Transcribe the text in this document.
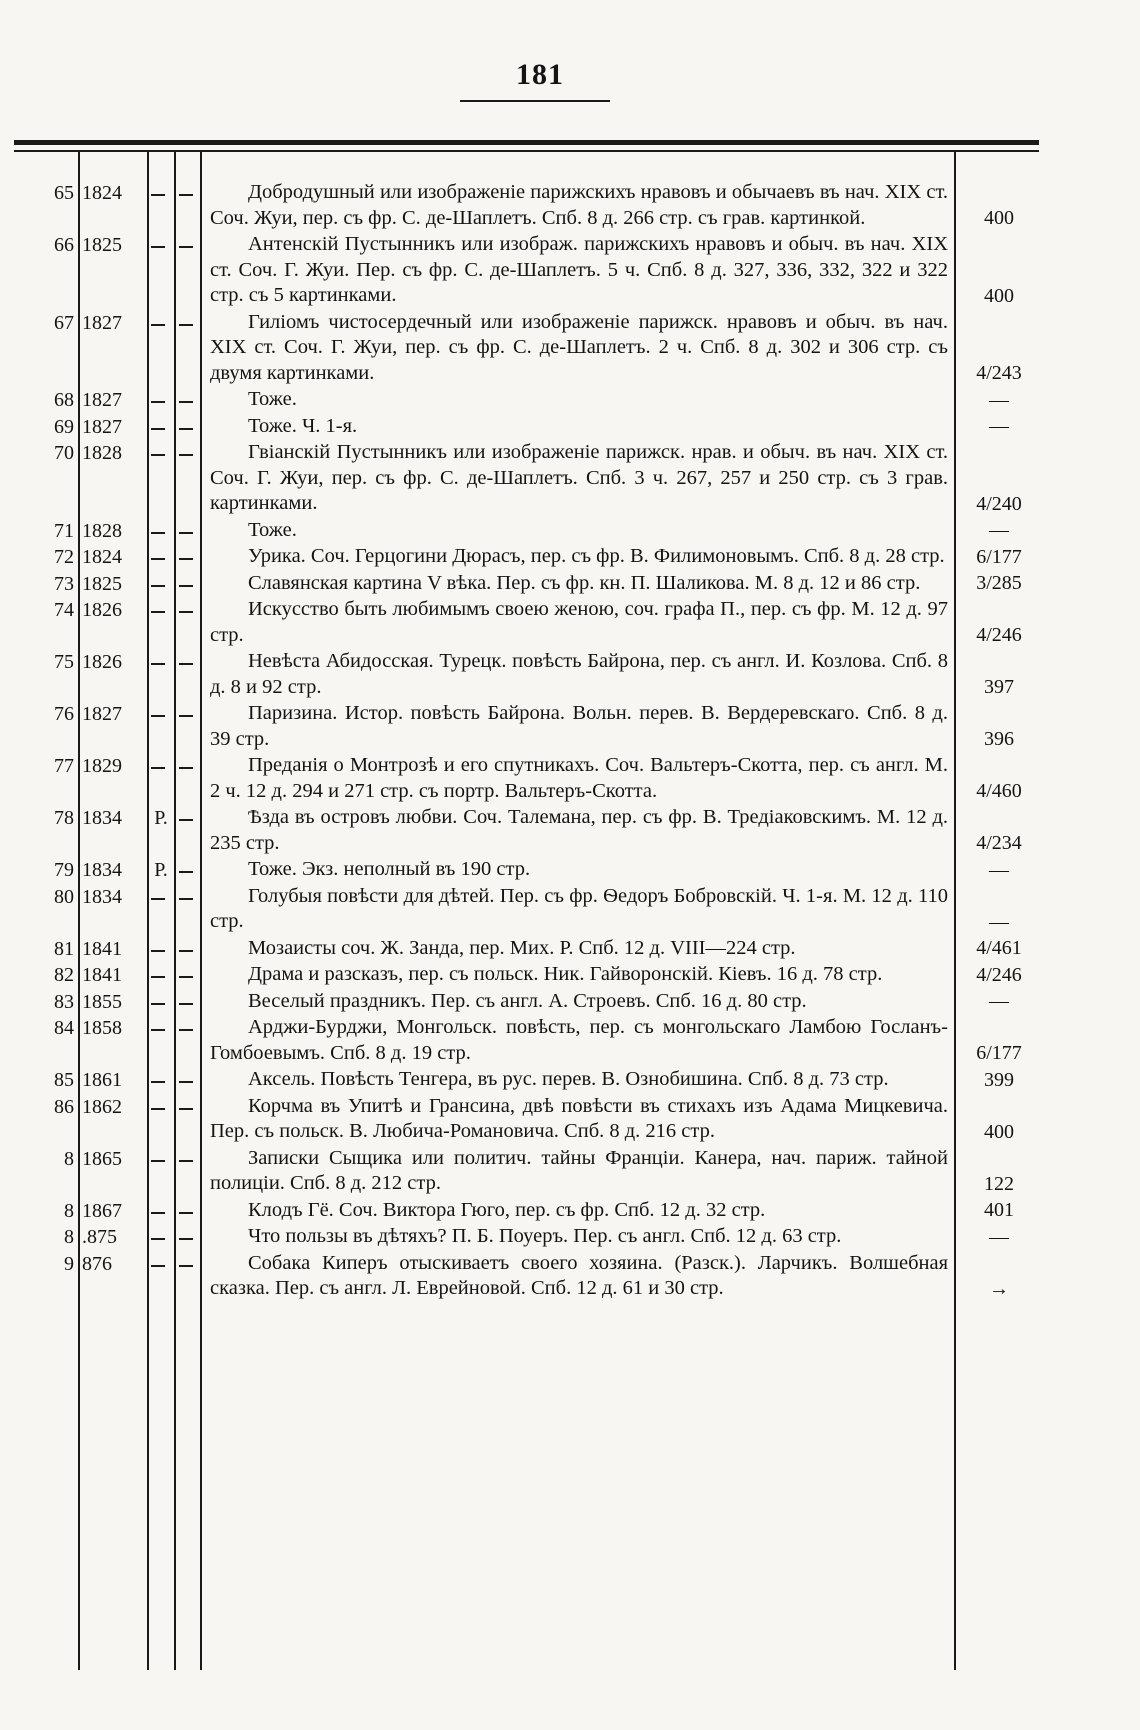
181
65 1824	Добродушный или изображеніе парижскихъ нравовъ и обычаевъ въ нач. XIX ст. Соч. Жуи, пер. съ фр. С. де-Шаплетъ. Спб. 8 д. 266 стр. съ грав. картинкой.	400
66 1825	Антенскій Пустынникъ или изображ. парижскихъ нравовъ и обыч. въ нач. XIX ст. Соч. Г. Жуи. Пер. съ фр. С. де-Шаплетъ. 5 ч. Спб. 8 д. 327, 336, 332, 322 и 322 стр. съ 5 картинками.	400
67 1827	Гиліомъ чистосердечный или изображеніе парижск. нравовъ и обыч. въ нач. XIX ст. Соч. Г. Жуи, пер. съ фр. С. де-Шаплетъ. 2 ч. Спб. 8 д. 302 и 306 стр. съ двумя картинками.	4/243
68 1827	Тоже.	—
69 1827	Тоже. Ч. 1-я.	—
70 1828	Гвіанскій Пустынникъ или изображеніе парижск. нрав. и обыч. въ нач. XIX ст. Соч. Г. Жуи, пер. съ фр. С. де-Шаплетъ. Спб. 3 ч. 267, 257 и 250 стр. съ 3 грав. картинками.	4/240
71 1828	Тоже.	—
72 1824	Урика. Соч. Герцогини Дюрасъ, пер. съ фр. В. Филимоновымъ. Спб. 8 д. 28 стр.	6/177
73 1825	Славянская картина V вѣка. Пер. съ фр. кн. П. Шаликова. М. 8 д. 12 и 86 стр.	3/285
74 1826	Искусство быть любимымъ своею женою, соч. графа П., пер. съ фр. М. 12 д. 97 стр.	4/246
75 1826	Невѣста Абидосская. Турецк. повѣсть Байрона, пер. съ англ. И. Козлова. Спб. 8 д. 8 и 92 стр.	397
76 1827	Паризина. Истор. повѣсть Байрона. Вольн. перев. В. Вердеревскаго. Спб. 8 д. 39 стр.	396
77 1829	Преданія о Монтрозѣ и его спутникахъ. Соч. Вальтеръ-Скотта, пер. съ англ. М. 2 ч. 12 д. 294 и 271 стр. съ портр. Вальтеръ-Скотта.	4/460
78 1834	Р.	Ѣзда въ островъ любви. Соч. Талемана, пер. съ фр. В. Тредіаковскимъ. М. 12 д. 235 стр.	4/234
79 1834	Р.	Тоже. Экз. неполный въ 190 стр.	—
80 1834	Голубыя повѣсти для дѣтей. Пер. съ фр. Ѳедоръ Бобровскій. Ч. 1-я. М. 12 д. 110 стр.	—
81 1841	Мозаисты соч. Ж. Занда, пер. Мих. Р. Спб. 12 д. VIII—224 стр.	4/461
82 1841	Драма и разсказъ, пер. съ польск. Ник. Гайворонскій. Кіевъ. 16 д. 78 стр.	4/246
83 1855	Веселый праздникъ. Пер. съ англ. А. Строевъ. Спб. 16 д. 80 стр.	—
84 1858	Арджи-Бурджи, Монгольск. повѣсть, пер. съ монгольскаго Ламбою Госланъ-Гомбоевымъ. Спб. 8 д. 19 стр.	6/177
85 1861	Аксель. Повѣсть Тенгера, въ рус. перев. В. Ознобишина. Спб. 8 д. 73 стр.	399
86 1862	Корчма въ Упитѣ и Грансина, двѣ повѣсти въ стихахъ изъ Адама Мицкевича. Пер. съ польск. В. Любича-Романовича. Спб. 8 д. 216 стр.	400
8 1865	Записки Сыщика или политич. тайны Франціи. Канера, нач. париж. тайной полиціи. Спб. 8 д. 212 стр.	122
8 1867	Клодъ Гё. Соч. Виктора Гюго, пер. съ фр. Спб. 12 д. 32 стр.	401
8 .875	Что пользы въ дѣтяхъ? П. Б. Поуеръ. Пер. съ англ. Спб. 12 д. 63 стр.	—
9 876	Собака Киперъ отыскиваетъ своего хозяина. (Разск.). Ларчикъ. Волшебная сказка. Пер. съ англ. Л. Еврейновой. Спб. 12 д. 61 и 30 стр.	→
